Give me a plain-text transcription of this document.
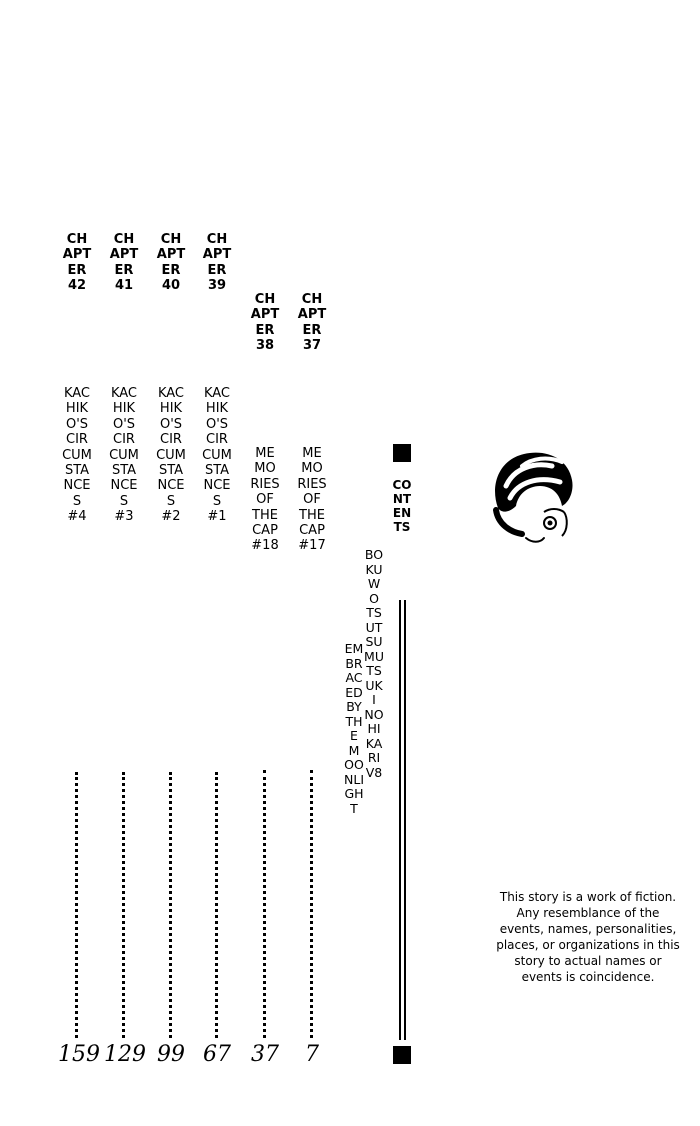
CHAPTER 42
KACHIKO'S CIRCUMSTANCES #4
159
CHAPTER 41
KACHIKO'S CIRCUMSTANCES #3
129
CHAPTER 40
KACHIKO'S CIRCUMSTANCES #2
99
CHAPTER 39
KACHIKO'S CIRCUMSTANCES #1
67
CHAPTER 38
MEMORIES OF THE CAP #18
37
CHAPTER 37
MEMORIES OF THE CAP #17
7
EMBRACED BY THE MOONLIGHT
BOKU WO TSUTSUMU TSUKI NO HIKARI V8
CONTENTS
This story is a work of fiction. Any resemblance of the events, names, personalities, places, or organizations in this story to actual names or events is coincidence.
